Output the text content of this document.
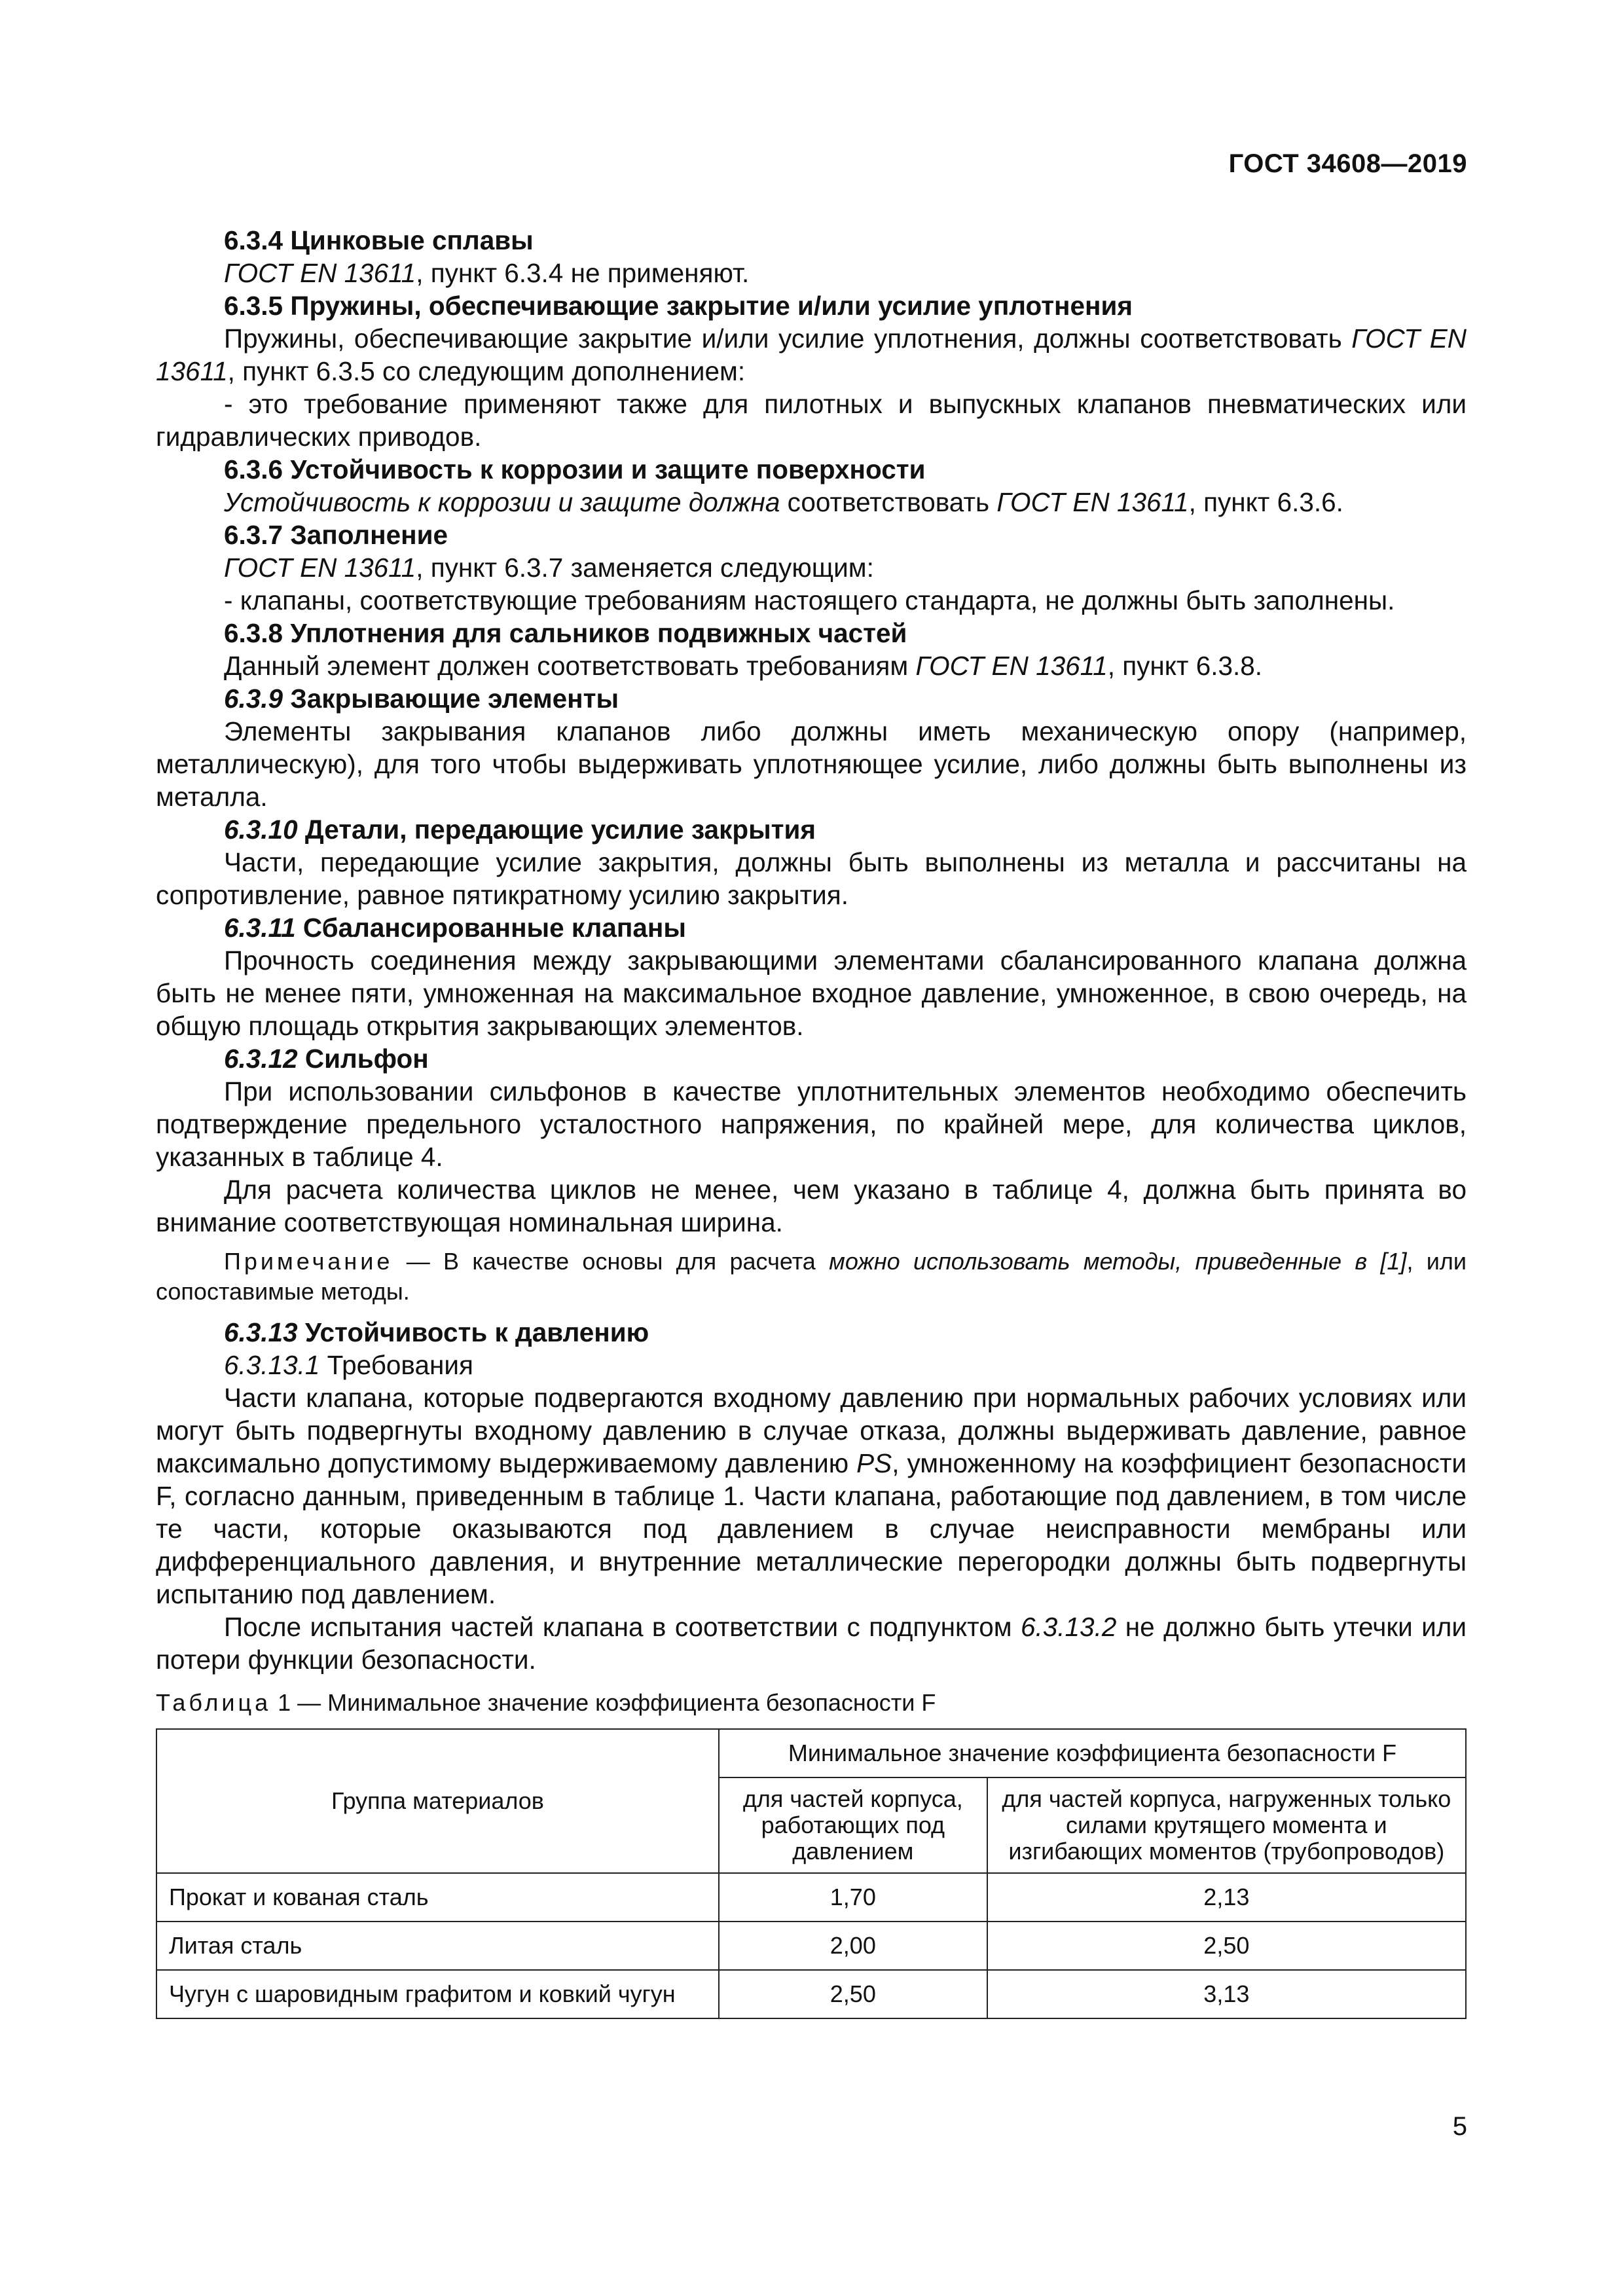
ГОСТ 34608—2019

6.3.4 Цинковые сплавы

ГОСТ EN 13611, пункт 6.3.4 не применяют.

6.3.5 Пружины, обеспечивающие закрытие и/или усилие уплотнения

Пружины, обеспечивающие закрытие и/или усилие уплотнения, должны соответствовать ГОСТ EN 13611, пункт 6.3.5 со следующим дополнением:

- это требование применяют также для пилотных и выпускных клапанов пневматических или гидравлических приводов.

6.3.6 Устойчивость к коррозии и защите поверхности

Устойчивость к коррозии и защите должна соответствовать ГОСТ EN 13611, пункт 6.3.6.

6.3.7 Заполнение

ГОСТ EN 13611, пункт 6.3.7 заменяется следующим:

- клапаны, соответствующие требованиям настоящего стандарта, не должны быть заполнены.

6.3.8 Уплотнения для сальников подвижных частей

Данный элемент должен соответствовать требованиям ГОСТ EN 13611, пункт 6.3.8.

6.3.9 Закрывающие элементы

Элементы закрывания клапанов либо должны иметь механическую опору (например, металлическую), для того чтобы выдерживать уплотняющее усилие, либо должны быть выполнены из металла.

6.3.10 Детали, передающие усилие закрытия

Части, передающие усилие закрытия, должны быть выполнены из металла и рассчитаны на сопротивление, равное пятикратному усилию закрытия.

6.3.11 Сбалансированные клапаны

Прочность соединения между закрывающими элементами сбалансированного клапана должна быть не менее пяти, умноженная на максимальное входное давление, умноженное, в свою очередь, на общую площадь открытия закрывающих элементов.

6.3.12 Сильфон

При использовании сильфонов в качестве уплотнительных элементов необходимо обеспечить подтверждение предельного усталостного напряжения, по крайней мере, для количества циклов, указанных в таблице 4.

Для расчета количества циклов не менее, чем указано в таблице 4, должна быть принята во внимание соответствующая номинальная ширина.

Примечание — В качестве основы для расчета можно использовать методы, приведенные в [1], или сопоставимые методы.

6.3.13 Устойчивость к давлению

6.3.13.1 Требования

Части клапана, которые подвергаются входному давлению при нормальных рабочих условиях или могут быть подвергнуты входному давлению в случае отказа, должны выдерживать давление, равное максимально допустимому выдерживаемому давлению PS, умноженному на коэффициент безопасности F, согласно данным, приведенным в таблице 1. Части клапана, работающие под давлением, в том числе те части, которые оказываются под давлением в случае неисправности мембраны или дифференциального давления, и внутренние металлические перегородки должны быть подвергнуты испытанию под давлением.

После испытания частей клапана в соответствии с подпунктом 6.3.13.2 не должно быть утечки или потери функции безопасности.

Таблица 1 — Минимальное значение коэффициента безопасности F
Группа материалов	Минимальное значение коэффициента безопасности F	
	для частей корпуса, работающих под давлением	для частей корпуса, нагруженных только силами крутящего момента и изгибающих моментов (трубопроводов)
Прокат и кованая сталь	1,70	2,13
Литая сталь	2,00	2,50
Чугун с шаровидным графитом и ковкий чугун	2,50	3,13
5
